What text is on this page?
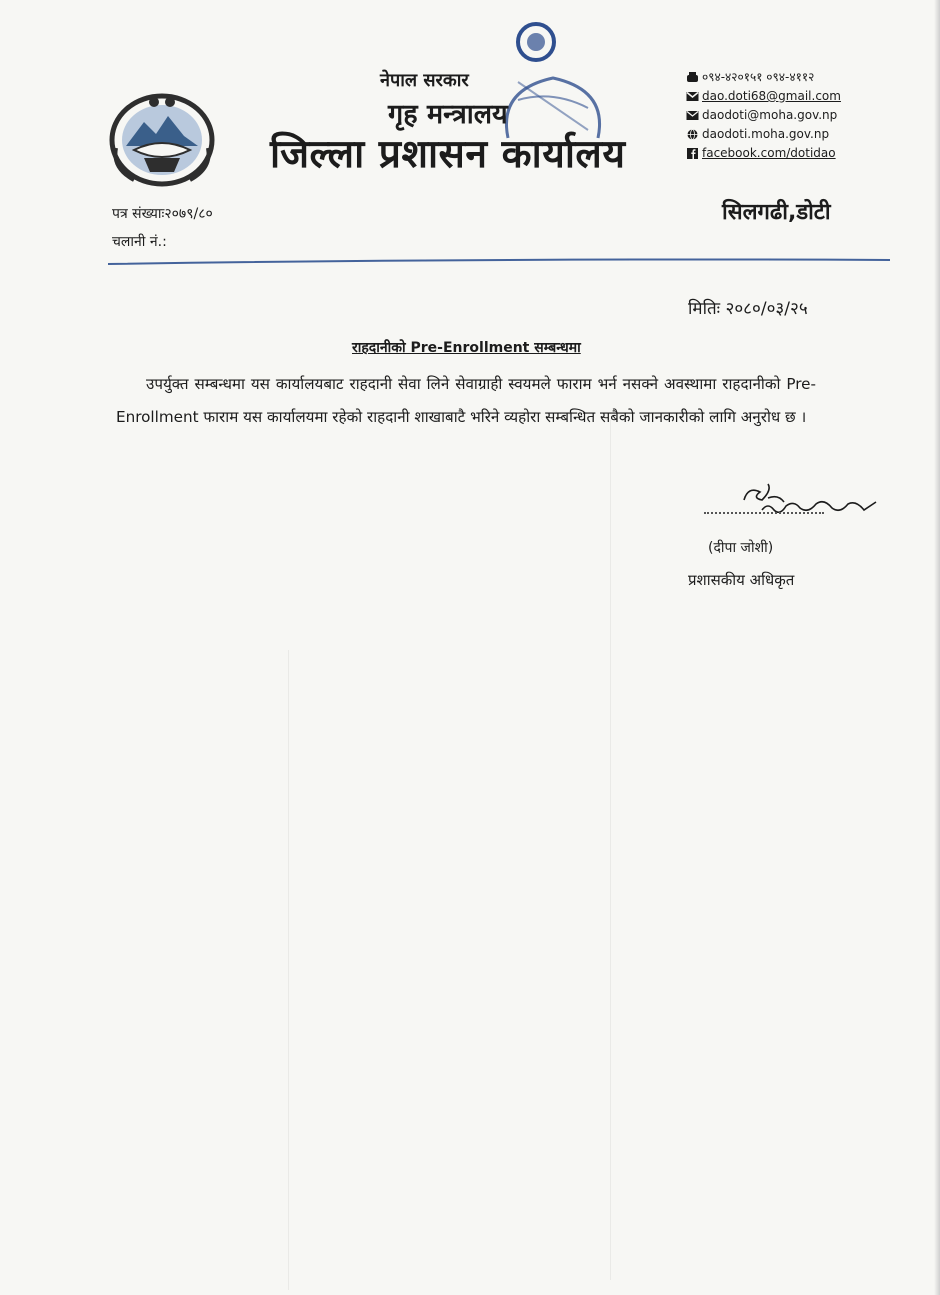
नेपाल सरकार
गृह मन्त्रालय
जिल्ला प्रशासन कार्यालय
०९४-४२०१५१ ०९४-४११२
dao.doti68@gmail.com
daodoti@moha.gov.np
daodoti.moha.gov.np
facebook.com/dotidao
सिलगढी,डोटी
पत्र संख्याः२०७९/८०
चलानी नं.:
मितिः २०८०/०३/२५
राहदानीको Pre-Enrollment सम्बन्धमा
उपर्युक्त सम्बन्धमा यस कार्यालयबाट राहदानी सेवा लिने सेवाग्राही स्वयमले फाराम भर्न नसक्ने अवस्थामा राहदानीको Pre-Enrollment फाराम यस कार्यालयमा रहेको राहदानी शाखाबाटै भरिने व्यहोरा सम्बन्धित सबैको जानकारीको लागि अनुरोध छ ।
(दीपा जोशी)
प्रशासकीय अधिकृत
